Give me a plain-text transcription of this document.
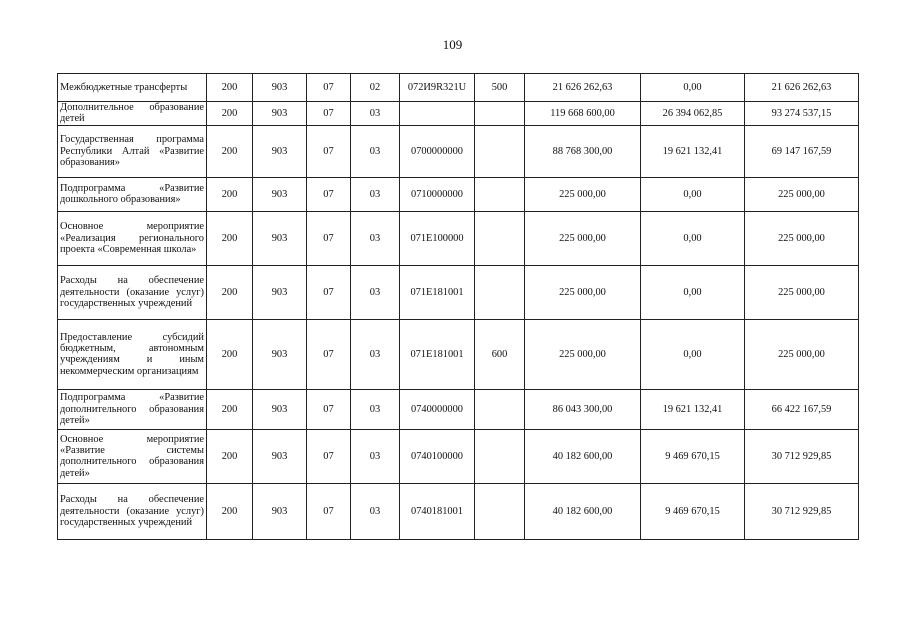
109
Межбюджетные трансферты	200	903	07	02	072И9R321U	500	21 626 262,63	0,00	21 626 262,63
Дополнительное образование детей	200	903	07	03			119 668 600,00	26 394 062,85	93 274 537,15
Государственная программа Республики Алтай «Развитие образования»	200	903	07	03	0700000000		88 768 300,00	19 621 132,41	69 147 167,59
Подпрограмма «Развитие дошкольного образования»	200	903	07	03	0710000000		225 000,00	0,00	225 000,00
Основное мероприятие «Реализация регионального проекта «Современная школа»	200	903	07	03	071E100000		225 000,00	0,00	225 000,00
Расходы на обеспечение деятельности (оказание услуг) государственных учреждений	200	903	07	03	071E181001		225 000,00	0,00	225 000,00
Предоставление субсидий бюджетным, автономным учреждениям и иным некоммерческим организациям	200	903	07	03	071E181001	600	225 000,00	0,00	225 000,00
Подпрограмма «Развитие дополнительного образования детей»	200	903	07	03	0740000000		86 043 300,00	19 621 132,41	66 422 167,59
Основное мероприятие «Развитие системы дополнительного образования детей»	200	903	07	03	0740100000		40 182 600,00	9 469 670,15	30 712 929,85
Расходы на обеспечение деятельности (оказание услуг) государственных учреждений	200	903	07	03	0740181001		40 182 600,00	9 469 670,15	30 712 929,85
